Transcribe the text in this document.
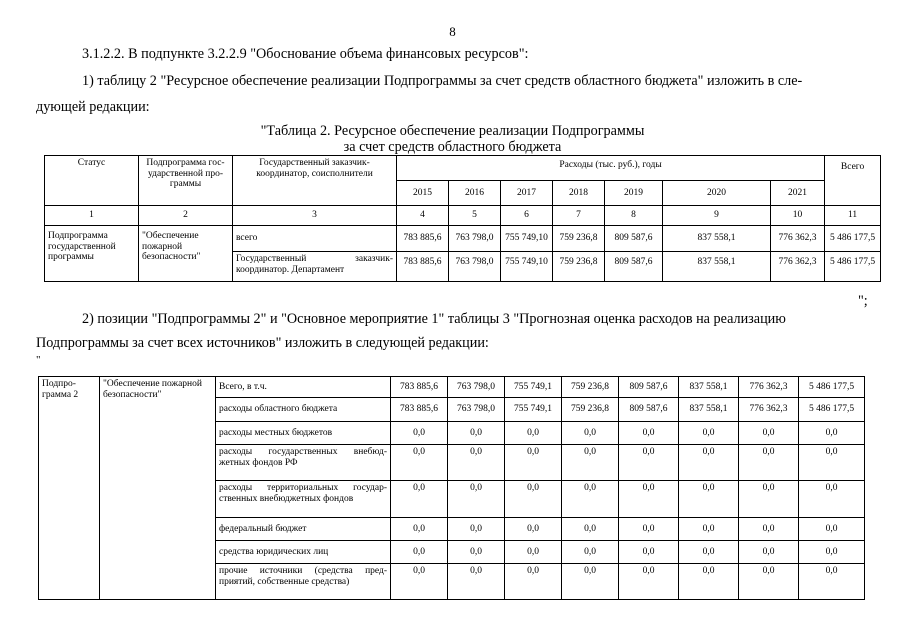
8
3.1.2.2. В подпункте 3.2.2.9 "Обоснование объема финансовых ресурсов":
1) таблицу 2 "Ресурсное обеспечение реализации Подпрограммы за счет средств областного бюджета" изложить в сле-
дующей редакции:
"Таблица 2. Ресурсное обеспечение реализации Подпрограммы
за счет средств областного бюджета
Статус	Подпрограмма гос-ударственной про-граммы	Государственный заказчик-координатор, соисполнители	Расходы (тыс. руб.), годы							Всего
			2015	2016	2017	2018	2019	2020	2021	
1	2	3	4	5	6	7	8	9	10	11
Подпрограмма государственной программы	"Обеспечение пожарной безопасности"	всего	783 885,6	763 798,0	755 749,10	759 236,8	809 587,6	837 558,1	776 362,3	5 486 177,5
		Государственный заказчик-координатор. Департамент	783 885,6	763 798,0	755 749,10	759 236,8	809 587,6	837 558,1	776 362,3	5 486 177,5
";
2) позиции "Подпрограммы 2" и "Основное мероприятие 1" таблицы 3 "Прогнозная оценка расходов на реализацию
Подпрограммы за счет всех источников" изложить в следующей редакции:
"
Подпро-грамма 2	"Обеспечение пожарной безопасности"	Всего, в т.ч.	783 885,6	763 798,0	755 749,1	759 236,8	809 587,6	837 558,1	776 362,3	5 486 177,5
		расходы областного бюджета	783 885,6	763 798,0	755 749,1	759 236,8	809 587,6	837 558,1	776 362,3	5 486 177,5
		расходы местных бюджетов	0,0	0,0	0,0	0,0	0,0	0,0	0,0	0,0
		расходы государственных внебюд-жетных фондов РФ	0,0	0,0	0,0	0,0	0,0	0,0	0,0	0,0
		расходы территориальных государ-ственных внебюджетных фондов	0,0	0,0	0,0	0,0	0,0	0,0	0,0	0,0
		федеральный бюджет	0,0	0,0	0,0	0,0	0,0	0,0	0,0	0,0
		средства юридических лиц	0,0	0,0	0,0	0,0	0,0	0,0	0,0	0,0
		прочие источники (средства пред-приятий, собственные средства)	0,0	0,0	0,0	0,0	0,0	0,0	0,0	0,0
